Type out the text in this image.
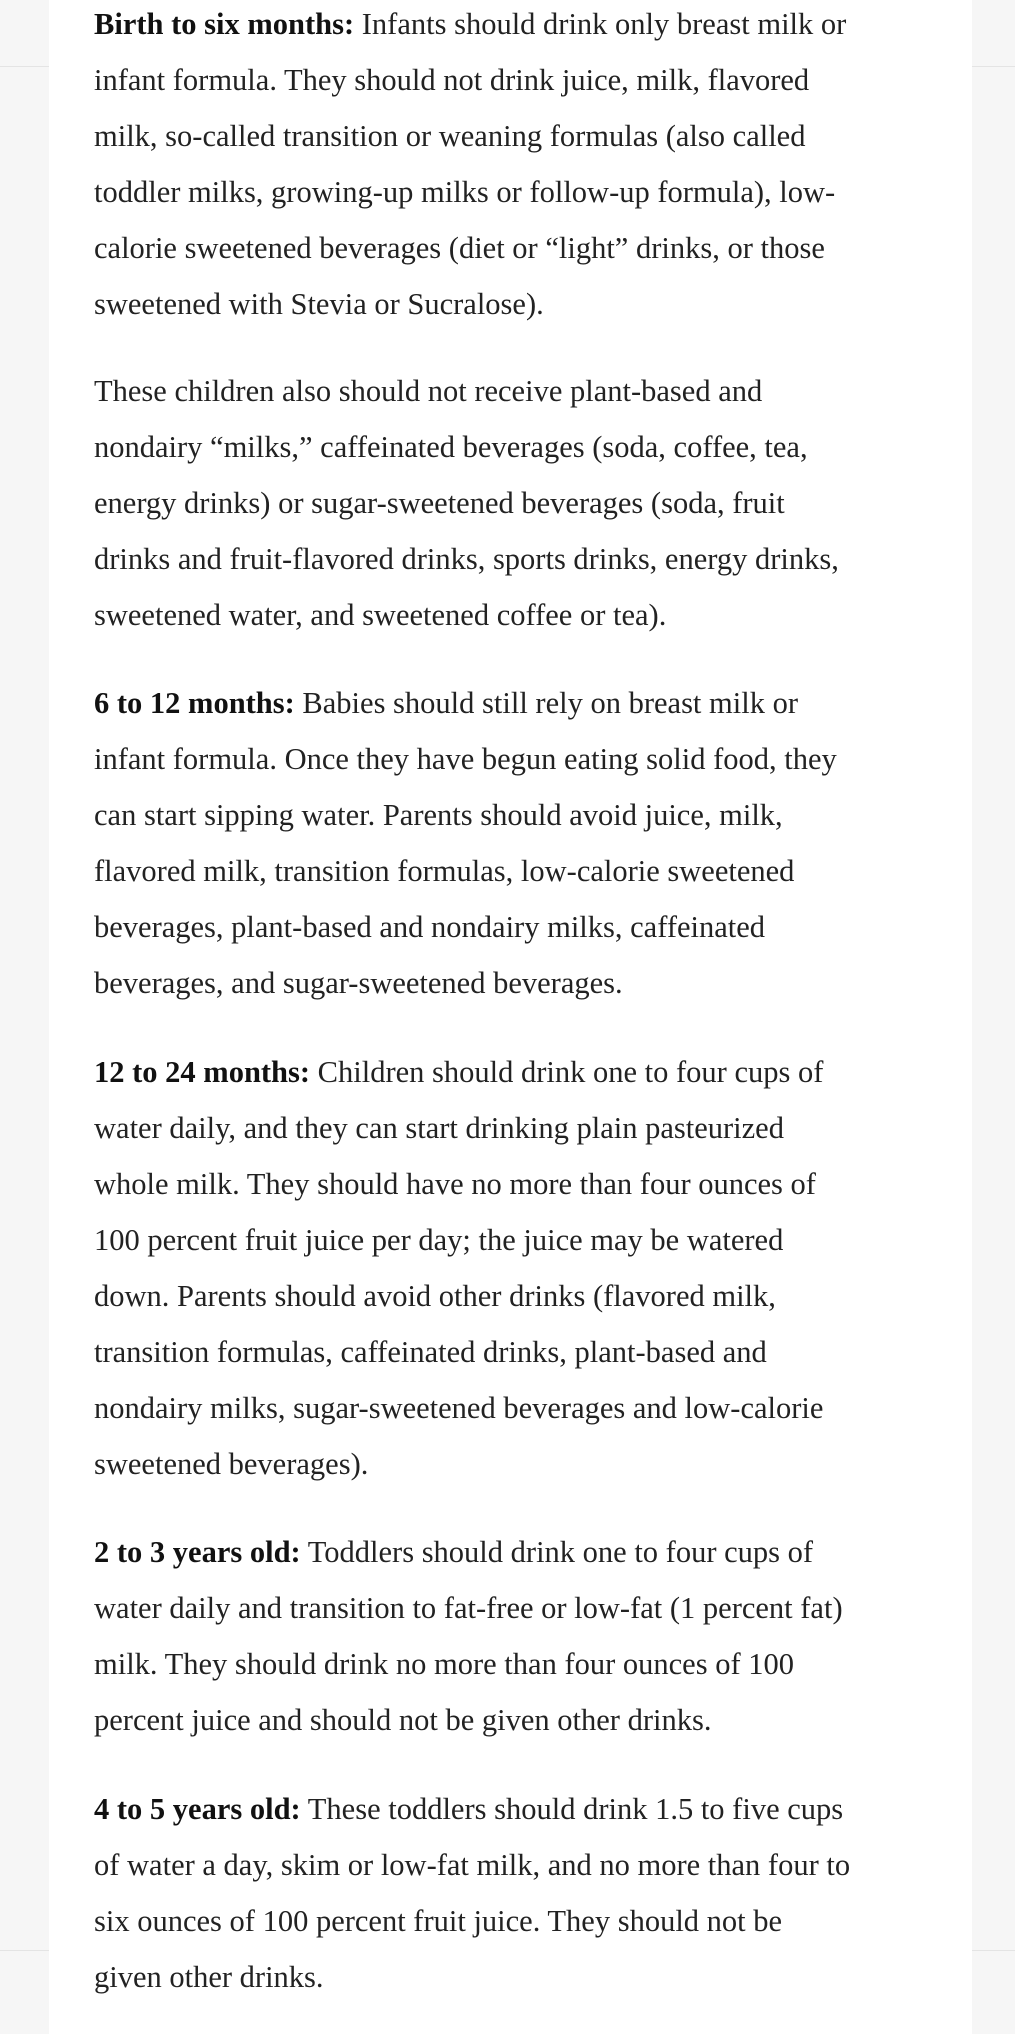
Birth to six months: Infants should drink only breast milk or
infant formula. They should not drink juice, milk, flavored
milk, so-called transition or weaning formulas (also called
toddler milks, growing-up milks or follow-up formula), low-
calorie sweetened beverages (diet or “light” drinks, or those
sweetened with Stevia or Sucralose).

These children also should not receive plant-based and
nondairy “milks,” caffeinated beverages (soda, coffee, tea,
energy drinks) or sugar-sweetened beverages (soda, fruit
drinks and fruit-flavored drinks, sports drinks, energy drinks,
sweetened water, and sweetened coffee or tea).

6 to 12 months: Babies should still rely on breast milk or
infant formula. Once they have begun eating solid food, they
can start sipping water. Parents should avoid juice, milk,
flavored milk, transition formulas, low-calorie sweetened
beverages, plant-based and nondairy milks, caffeinated
beverages, and sugar-sweetened beverages.

12 to 24 months: Children should drink one to four cups of
water daily, and they can start drinking plain pasteurized
whole milk. They should have no more than four ounces of
100 percent fruit juice per day; the juice may be watered
down. Parents should avoid other drinks (flavored milk,
transition formulas, caffeinated drinks, plant-based and
nondairy milks, sugar-sweetened beverages and low-calorie
sweetened beverages).

2 to 3 years old: Toddlers should drink one to four cups of
water daily and transition to fat-free or low-fat (1 percent fat)
milk. They should drink no more than four ounces of 100
percent juice and should not be given other drinks.

4 to 5 years old: These toddlers should drink 1.5 to five cups
of water a day, skim or low-fat milk, and no more than four to
six ounces of 100 percent fruit juice. They should not be
given other drinks.
